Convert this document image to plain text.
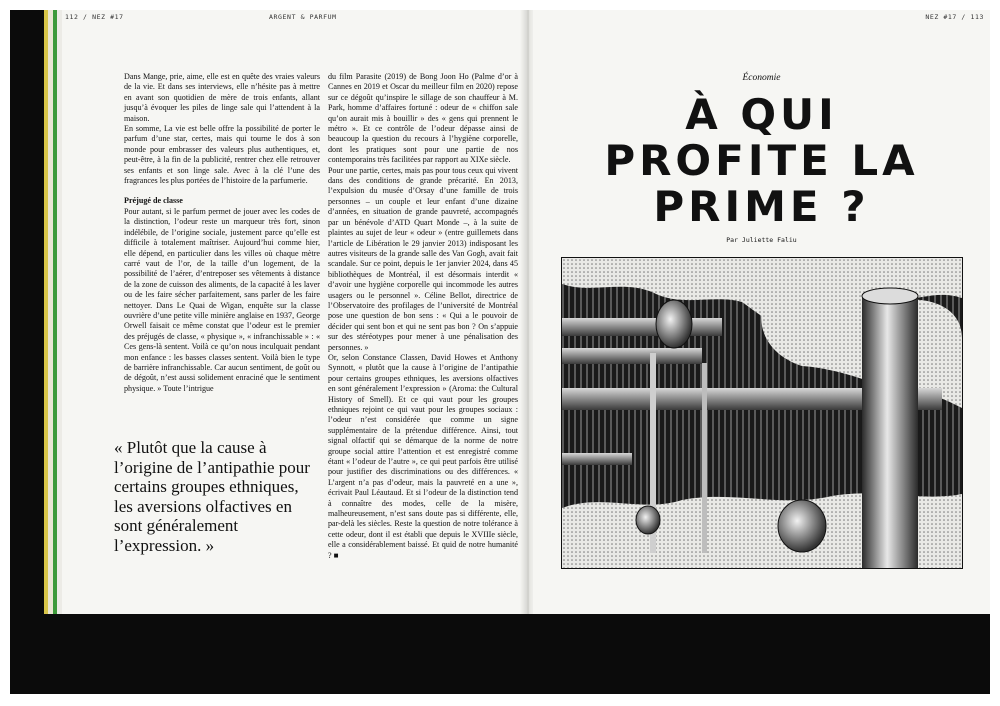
112 / NEZ #17	ARGENT & PARFUM

Dans Mange, prie, aime, elle est en quête des vraies valeurs de la vie. Et dans ses interviews, elle n’hésite pas à mettre en avant son quotidien de mère de trois enfants, allant jusqu’à évoquer les piles de linge sale qui l’attendent à la maison.

En somme, La vie est belle offre la possibilité de porter le parfum d’une star, certes, mais qui tourne le dos à son monde pour embrasser des valeurs plus authentiques, et, peut-être, à la fin de la publicité, rentrer chez elle retrouver ses enfants et son linge sale. Avec à la clé l’une des fragrances les plus portées de l’histoire de la parfumerie.

Préjugé de classe

Pour autant, si le parfum permet de jouer avec les codes de la distinction, l’odeur reste un marqueur très fort, sinon indélébile, de l’origine sociale, justement parce qu’elle est difficile à totalement maîtriser. Aujourd’hui comme hier, elle dépend, en particulier dans les villes où chaque mètre carré vaut de l’or, de la taille d’un logement, de la possibilité de l’aérer, d’entreposer ses vêtements à distance de la zone de cuisson des aliments, de la capacité à les laver ou de les faire sécher parfaitement, sans parler de les faire nettoyer. Dans Le Quai de Wigan, enquête sur la classe ouvrière d’une petite ville minière anglaise en 1937, George Orwell faisait ce même constat que l’odeur est le premier des préjugés de classe, « physique », « infranchissable » : « Ces gens-là sentent. Voilà ce qu’on nous inculquait pendant mon enfance : les basses classes sentent. Voilà bien le type de barrière infranchissable. Car aucun sentiment, de goût ou de dégoût, n’est aussi solidement enraciné que le sentiment physique. » Toute l’intrigue

« Plutôt que la cause à l’origine de l’antipathie pour certains groupes ethniques, les aversions olfactives en sont généralement l’expression. »

du film Parasite (2019) de Bong Joon Ho (Palme d’or à Cannes en 2019 et Oscar du meilleur film en 2020) repose sur ce dégoût qu’inspire le sillage de son chauffeur à M. Park, homme d’affaires fortuné : odeur de « chiffon sale qu’on aurait mis à bouillir » des « gens qui prennent le métro ». Et ce contrôle de l’odeur dépasse ainsi de beaucoup la question du recours à l’hygiène corporelle, dont les pratiques sont pour une partie de nos contemporains très facilitées par rapport au XIXe siècle.

Pour une partie, certes, mais pas pour tous ceux qui vivent dans des conditions de grande précarité. En 2013, l’expulsion du musée d’Orsay d’une famille de trois personnes – un couple et leur enfant d’une dizaine d’années, en situation de grande pauvreté, accompagnés par un bénévole d’ATD Quart Monde –, à la suite de plaintes au sujet de leur « odeur » (entre guillemets dans l’article de Libération le 29 janvier 2013) indisposant les autres visiteurs de la grande salle des Van Gogh, avait fait scandale. Sur ce point, depuis le 1er janvier 2024, dans 45 bibliothèques de Montréal, il est désormais interdit « d’avoir une hygiène corporelle qui incommode les autres usagers ou le personnel ». Céline Bellot, directrice de l’Observatoire des profilages de l’université de Montréal pose une question de bon sens : « Qui a le pouvoir de décider qui sent bon et qui ne sent pas bon ? On s’appuie sur des stéréotypes pour mener à une pénalisation des personnes. »

Or, selon Constance Classen, David Howes et Anthony Synnott, « plutôt que la cause à l’origine de l’antipathie pour certains groupes ethniques, les aversions olfactives en sont généralement l’expression » (Aroma: the Cultural History of Smell). Et ce qui vaut pour les groupes ethniques rejoint ce qui vaut pour les groupes sociaux : l’odeur n’est considérée que comme un signe supplémentaire de la prétendue différence. Ainsi, tout signal olfactif qui se démarque de la norme de notre groupe social attire l’attention et est enregistré comme étant « l’odeur de l’autre », ce qui peut parfois être utilisé pour justifier des discriminations ou des différences. « L’argent n’a pas d’odeur, mais la pauvreté en a une », écrivait Paul Léautaud. Et si l’odeur de la distinction tend à connaître des modes, celle de la misère, malheureusement, n’est sans doute pas si différente, elle, par-delà les siècles. Reste la question de notre tolérance à cette odeur, dont il est établi que depuis le XVIIIe siècle, elle a considérablement baissé. Et quid de notre humanité ? ■

NEZ #17 / 113
Économie
À QUI
PROFITE LA
PRIME ?
Par Juliette Faliu
